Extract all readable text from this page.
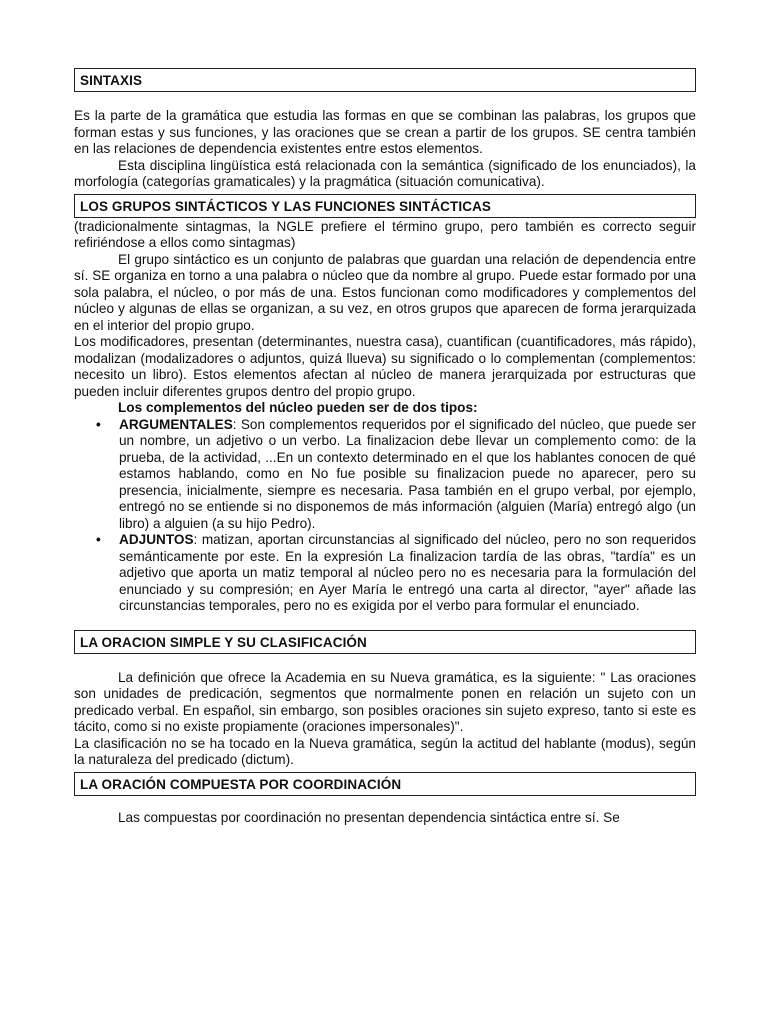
SINTAXIS

Es la parte de la gramática que estudia las formas en que se combinan las palabras, los grupos que forman estas y sus funciones, y las oraciones que se crean a partir de los grupos. SE centra también en las relaciones de dependencia existentes entre estos elementos.

Esta disciplina lingüística está relacionada con la semántica (significado de los enunciados), la morfología (categorías gramaticales) y la pragmática (situación comunicativa).

LOS GRUPOS SINTÁCTICOS Y LAS FUNCIONES SINTÁCTICAS

(tradicionalmente sintagmas, la NGLE prefiere el término grupo, pero también es correcto seguir refiriéndose a ellos como sintagmas)

El grupo sintáctico es un conjunto de palabras que guardan una relación de dependencia entre sí. SE organiza en torno a una palabra o núcleo que da nombre al grupo. Puede estar formado por una sola palabra, el núcleo, o por más de una. Estos funcionan como modificadores y complementos del núcleo y algunas de ellas se organizan, a su vez, en otros grupos que aparecen de forma jerarquizada en el interior del propio grupo.

Los modificadores, presentan (determinantes, nuestra casa), cuantifican (cuantificadores, más rápido), modalizan (modalizadores o adjuntos, quizá llueva) su significado o lo complementan (complementos: necesito un libro). Estos elementos afectan al núcleo de manera jerarquizada por estructuras que pueden incluir diferentes grupos dentro del propio grupo.

Los complementos del núcleo pueden ser de dos tipos:

• ARGUMENTALES: Son complementos requeridos por el significado del núcleo, que puede ser un nombre, un adjetivo o un verbo. La finalizacion debe llevar un complemento como: de la prueba, de la actividad, ...En un contexto determinado en el que los hablantes conocen de qué estamos hablando, como en No fue posible su finalizacion puede no aparecer, pero su presencia, inicialmente, siempre es necesaria. Pasa también en el grupo verbal, por ejemplo, entregó no se entiende si no disponemos de más información (alguien (María) entregó algo (un libro) a alguien (a su hijo Pedro).
• ADJUNTOS: matizan, aportan circunstancias al significado del núcleo, pero no son requeridos semánticamente por este. En la expresión La finalizacion tardía de las obras, "tardía" es un adjetivo que aporta un matiz temporal al núcleo pero no es necesaria para la formulación del enunciado y su compresión; en Ayer María le entregó una carta al director, "ayer" añade las circunstancias temporales, pero no es exigida por el verbo para formular el enunciado.
LA ORACION SIMPLE Y SU CLASIFICACIÓN

La definición que ofrece la Academia en su Nueva gramática, es la siguiente: " Las oraciones son unidades de predicación, segmentos que normalmente ponen en relación un sujeto con un predicado verbal. En español, sin embargo, son posibles oraciones sin sujeto expreso, tanto si este es tácito, como si no existe propiamente (oraciones impersonales)".

La clasificación no se ha tocado en la Nueva gramática, según la actitud del hablante (modus), según la naturaleza del predicado (dictum).

LA ORACIÓN COMPUESTA POR COORDINACIÓN

Las compuestas por coordinación no presentan dependencia sintáctica entre sí. Se
